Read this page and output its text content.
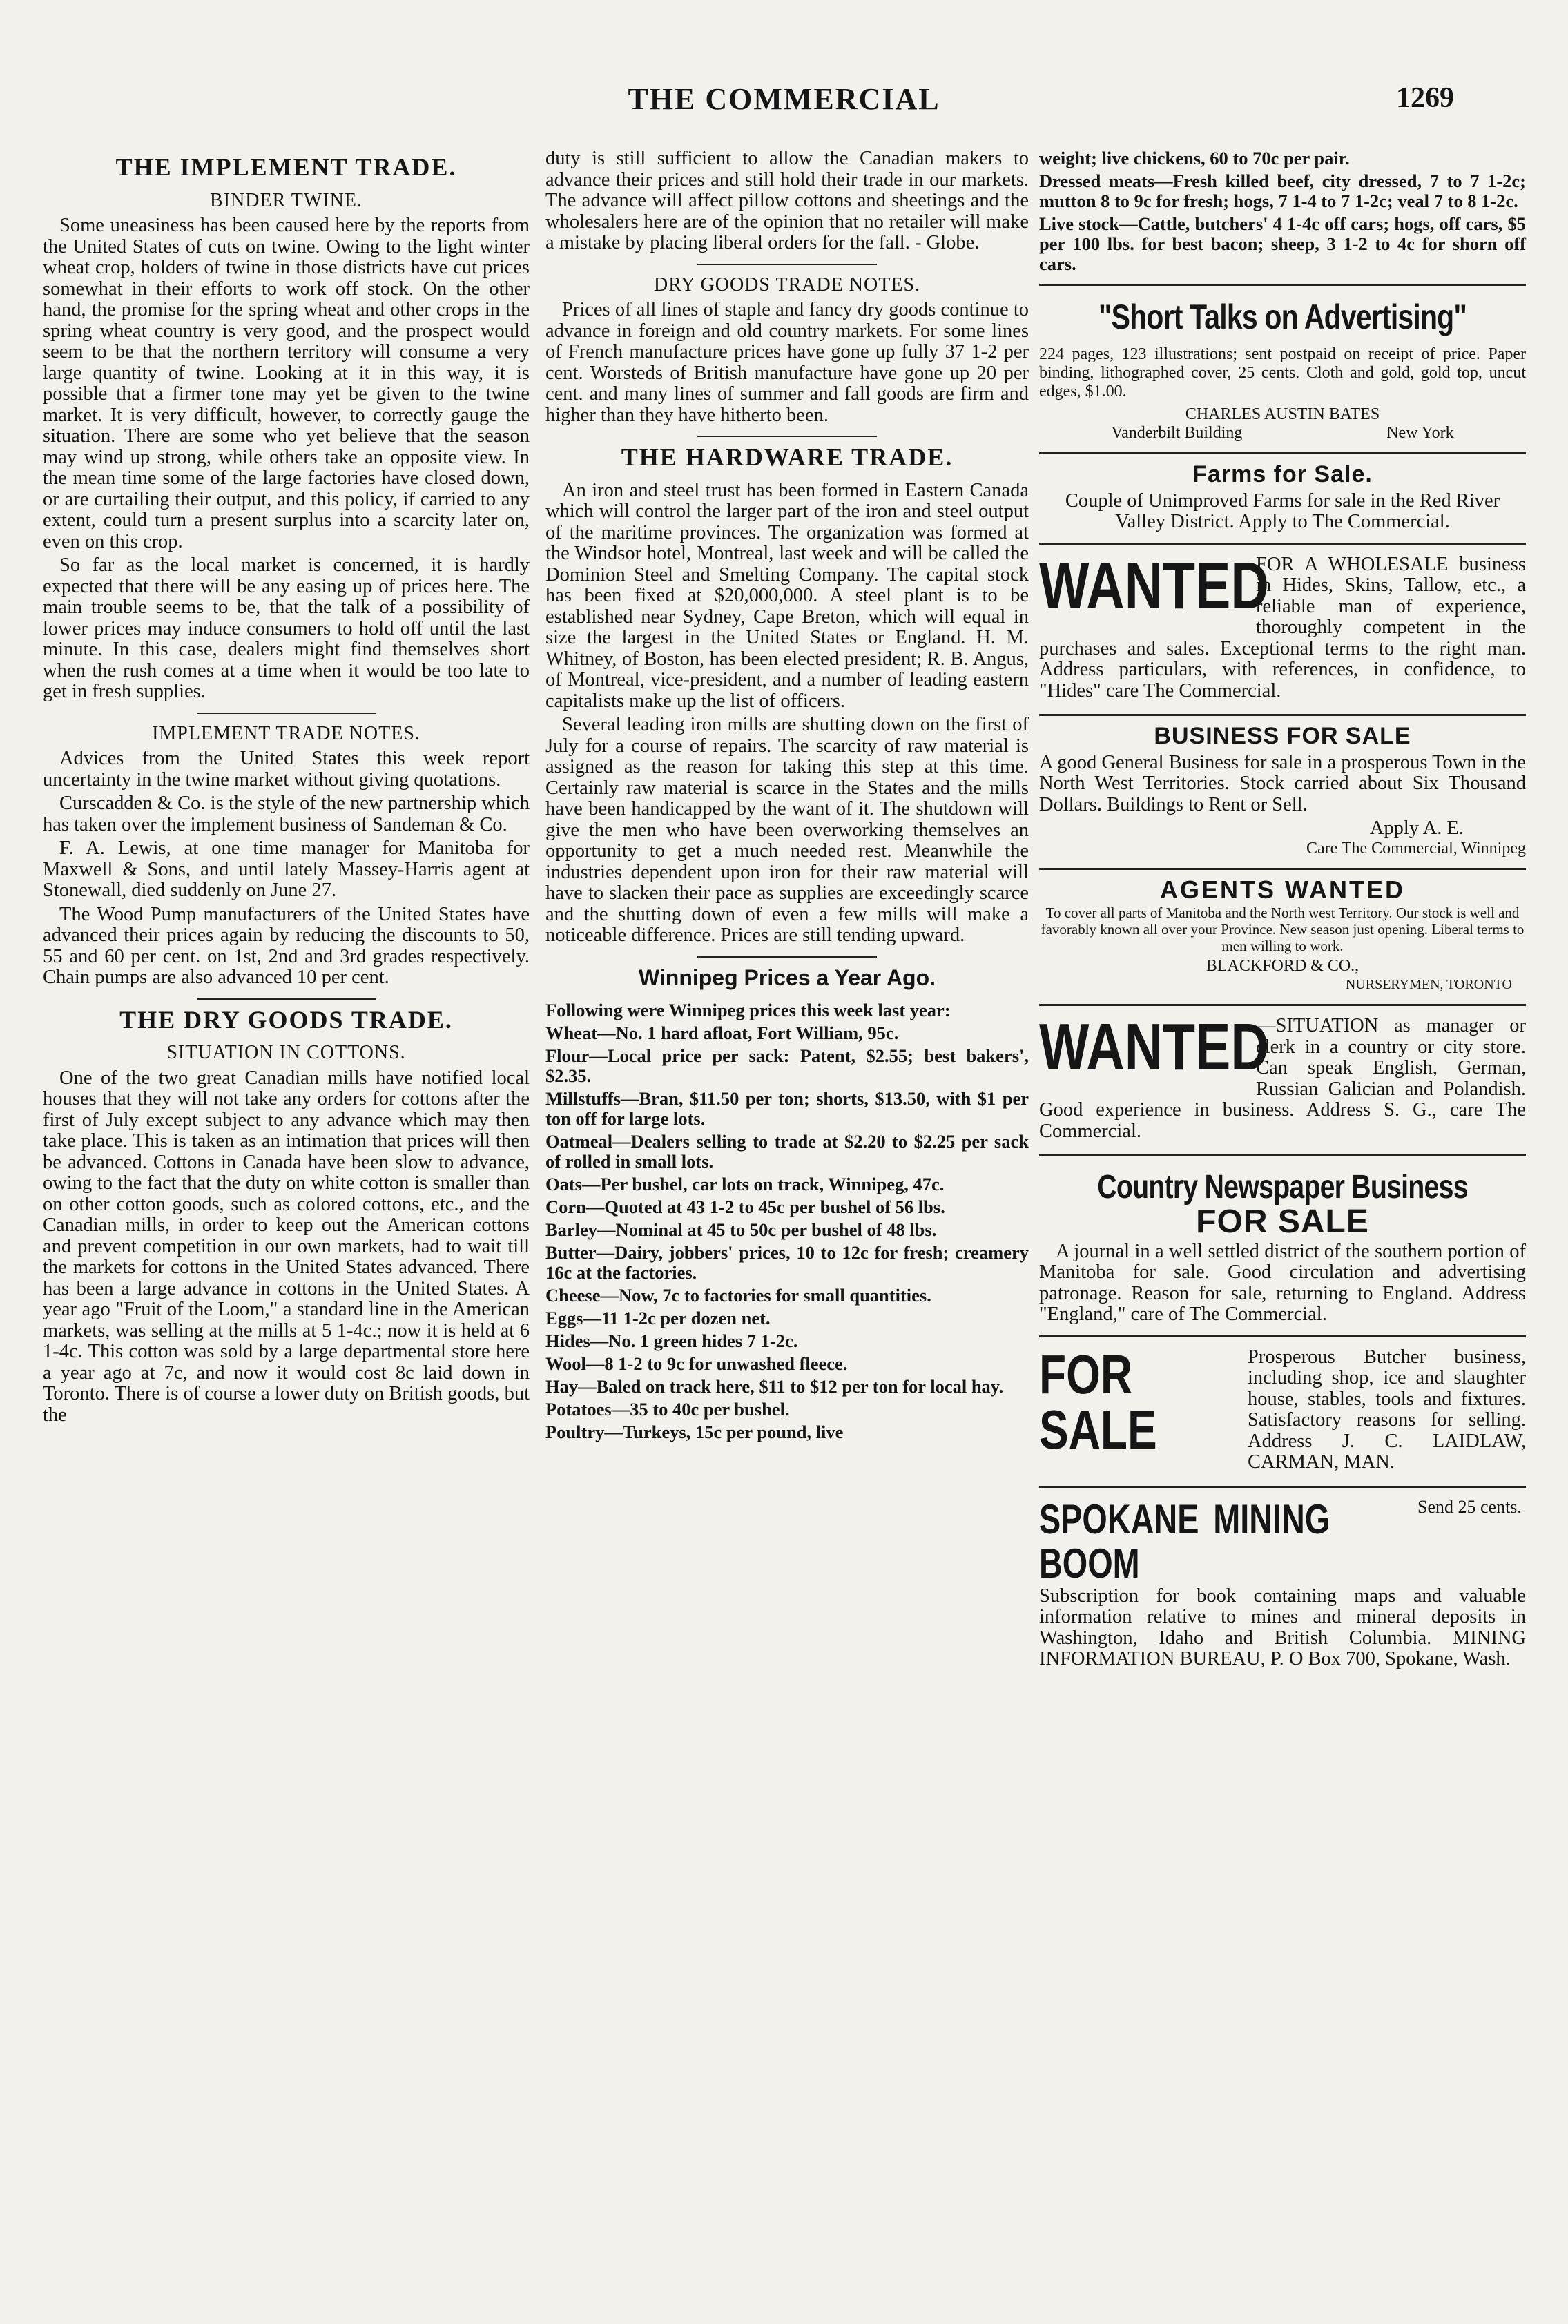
THE COMMERCIAL	1269
THE IMPLEMENT TRADE.
BINDER TWINE.

Some uneasiness has been caused here by the reports from the United States of cuts on twine. Owing to the light winter wheat crop, holders of twine in those districts have cut prices somewhat in their efforts to work off stock. On the other hand, the promise for the spring wheat and other crops in the spring wheat country is very good, and the prospect would seem to be that the northern territory will consume a very large quantity of twine. Looking at it in this way, it is possible that a firmer tone may yet be given to the twine market. It is very difficult, however, to correctly gauge the situation. There are some who yet believe that the season may wind up strong, while others take an opposite view. In the mean time some of the large factories have closed down, or are curtailing their output, and this policy, if carried to any extent, could turn a present surplus into a scarcity later on, even on this crop.

So far as the local market is concerned, it is hardly expected that there will be any easing up of prices here. The main trouble seems to be, that the talk of a possibility of lower prices may induce consumers to hold off until the last minute. In this case, dealers might find themselves short when the rush comes at a time when it would be too late to get in fresh supplies.

IMPLEMENT TRADE NOTES.

Advices from the United States this week report uncertainty in the twine market without giving quotations.

Curscadden & Co. is the style of the new partnership which has taken over the implement business of Sandeman & Co.

F. A. Lewis, at one time manager for Manitoba for Maxwell & Sons, and until lately Massey-Harris agent at Stonewall, died suddenly on June 27.

The Wood Pump manufacturers of the United States have advanced their prices again by reducing the discounts to 50, 55 and 60 per cent. on 1st, 2nd and 3rd grades respectively. Chain pumps are also advanced 10 per cent.

THE DRY GOODS TRADE.
SITUATION IN COTTONS.

One of the two great Canadian mills have notified local houses that they will not take any orders for cottons after the first of July except subject to any advance which may then take place. This is taken as an intimation that prices will then be advanced. Cottons in Canada have been slow to advance, owing to the fact that the duty on white cotton is smaller than on other cotton goods, such as colored cottons, etc., and the Canadian mills, in order to keep out the American cottons and prevent competition in our own markets, had to wait till the markets for cottons in the United States advanced. There has been a large advance in cottons in the United States. A year ago "Fruit of the Loom," a standard line in the American markets, was selling at the mills at 5 1-4c.; now it is held at 6 1-4c. This cotton was sold by a large departmental store here a year ago at 7c, and now it would cost 8c laid down in Toronto. There is of course a lower duty on British goods, but the

duty is still sufficient to allow the Canadian makers to advance their prices and still hold their trade in our markets. The advance will affect pillow cottons and sheetings and the wholesalers here are of the opinion that no retailer will make a mistake by placing liberal orders for the fall. - Globe.

DRY GOODS TRADE NOTES.

Prices of all lines of staple and fancy dry goods continue to advance in foreign and old country markets. For some lines of French manufacture prices have gone up fully 37 1-2 per cent. Worsteds of British manufacture have gone up 20 per cent. and many lines of summer and fall goods are firm and higher than they have hitherto been.

THE HARDWARE TRADE.

An iron and steel trust has been formed in Eastern Canada which will control the larger part of the iron and steel output of the maritime provinces. The organization was formed at the Windsor hotel, Montreal, last week and will be called the Dominion Steel and Smelting Company. The capital stock has been fixed at $20,000,000. A steel plant is to be established near Sydney, Cape Breton, which will equal in size the largest in the United States or England. H. M. Whitney, of Boston, has been elected president; R. B. Angus, of Montreal, vice-president, and a number of leading eastern capitalists make up the list of officers.

Several leading iron mills are shutting down on the first of July for a course of repairs. The scarcity of raw material is assigned as the reason for taking this step at this time. Certainly raw material is scarce in the States and the mills have been handicapped by the want of it. The shutdown will give the men who have been overworking themselves an opportunity to get a much needed rest. Meanwhile the industries dependent upon iron for their raw material will have to slacken their pace as supplies are exceedingly scarce and the shutting down of even a few mills will make a noticeable difference. Prices are still tending upward.

Winnipeg Prices a Year Ago.

Following were Winnipeg prices this week last year:

Wheat—No. 1 hard afloat, Fort William, 95c.

Flour—Local price per sack: Patent, $2.55; best bakers', $2.35.

Millstuffs—Bran, $11.50 per ton; shorts, $13.50, with $1 per ton off for large lots.

Oatmeal—Dealers selling to trade at $2.20 to $2.25 per sack of rolled in small lots.

Oats—Per bushel, car lots on track, Winnipeg, 47c.

Corn—Quoted at 43 1-2 to 45c per bushel of 56 lbs.

Barley—Nominal at 45 to 50c per bushel of 48 lbs.

Butter—Dairy, jobbers' prices, 10 to 12c for fresh; creamery 16c at the factories.

Cheese—Now, 7c to factories for small quantities.

Eggs—11 1-2c per dozen net.

Hides—No. 1 green hides 7 1-2c.

Wool—8 1-2 to 9c for unwashed fleece.

Hay—Baled on track here, $11 to $12 per ton for local hay.

Potatoes—35 to 40c per bushel.

Poultry—Turkeys, 15c per pound, live

weight; live chickens, 60 to 70c per pair.

Dressed meats—Fresh killed beef, city dressed, 7 to 7 1-2c; mutton 8 to 9c for fresh; hogs, 7 1-4 to 7 1-2c; veal 7 to 8 1-2c.

Live stock—Cattle, butchers' 4 1-4c off cars; hogs, off cars, $5 per 100 lbs. for best bacon; sheep, 3 1-2 to 4c for shorn off cars.

"Short Talks on Advertising"

224 pages, 123 illustrations; sent postpaid on receipt of price. Paper binding, lithographed cover, 25 cents. Cloth and gold, gold top, uncut edges, $1.00.

CHARLES AUSTIN BATES
Vanderbilt Building	New York
Farms for Sale.

Couple of Unimproved Farms for sale in the Red River Valley District. Apply to The Commercial.

WANTED

FOR A WHOLESALE business in Hides, Skins, Tallow, etc., a reliable man of experience, thoroughly competent in the purchases and sales. Exceptional terms to the right man. Address particulars, with references, in confidence, to "Hides" care The Commercial.

BUSINESS FOR SALE

A good General Business for sale in a prosperous Town in the North West Territories. Stock carried about Six Thousand Dollars. Buildings to Rent or Sell.

Apply A. E.
Care The Commercial, Winnipeg
AGENTS WANTED

To cover all parts of Manitoba and the North west Territory. Our stock is well and favorably known all over your Province. New season just opening. Liberal terms to men willing to work.

BLACKFORD & CO.,
NURSERYMEN, TORONTO
WANTED

—SITUATION as manager or clerk in a country or city store. Can speak English, German, Russian Galician and Polandish. Good experience in business. Address S. G., care The Commercial.

Country Newspaper Business
FOR SALE

A journal in a well settled district of the southern portion of Manitoba for sale. Good circulation and advertising patronage. Reason for sale, returning to England. Address "England," care of The Commercial.

FOR SALE

Prosperous Butcher business, including shop, ice and slaughter house, stables, tools and fixtures. Satisfactory reasons for selling. Address J. C. LAIDLAW, CARMAN, MAN.

SPOKANE MINING BOOM
Send 25 cents.

Subscription for book containing maps and valuable information relative to mines and mineral deposits in Washington, Idaho and British Columbia. MINING INFORMATION BUREAU, P. O Box 700, Spokane, Wash.
